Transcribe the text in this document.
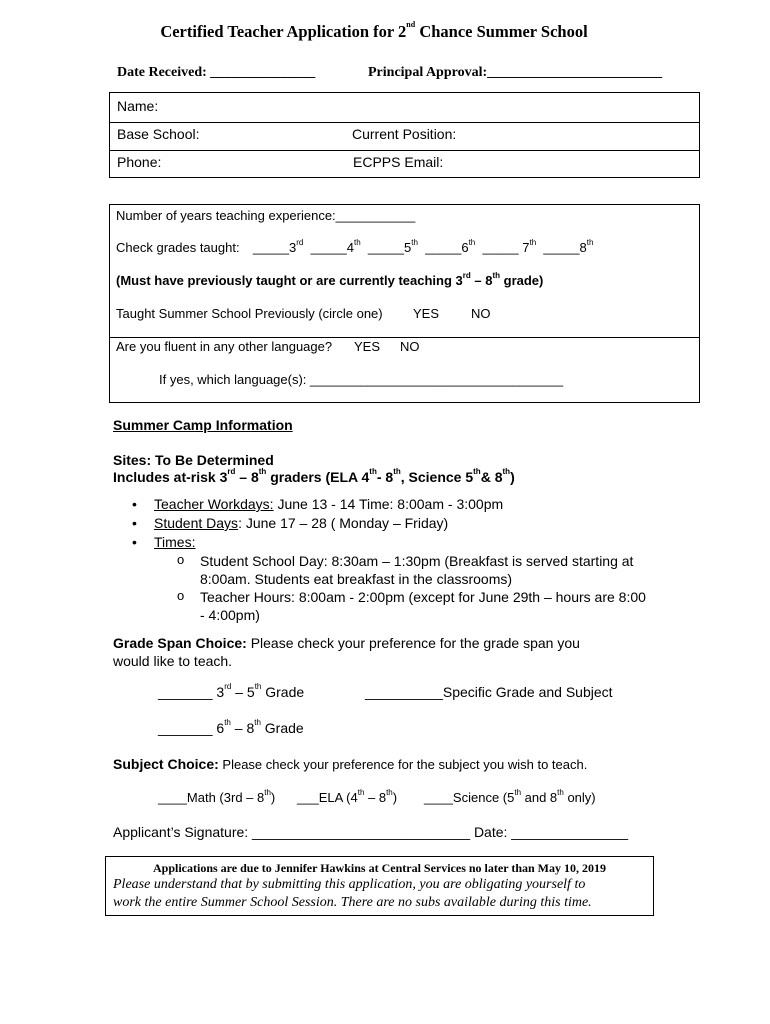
Certified Teacher Application for 2nd Chance Summer School
Date Received: _______________	Principal Approval:_________________________
Name:
Base School:	Current Position:
Phone:	ECPPS Email:
Number of years teaching experience:___________
Check grades taught: _____3rd _____4th _____5th _____6th _____ 7th _____8th
(Must have previously taught or are currently teaching 3rd – 8th grade)
Taught Summer School Previously (circle one) YES NO
Are you fluent in any other language? YES NO
If yes, which language(s): ___________________________________
Summer Camp Information
Sites: To Be Determined
Includes at-risk 3rd – 8th graders (ELA 4th- 8th, Science 5th& 8th)
• Teacher Workdays: June 13 - 14 Time: 8:00am - 3:00pm
• Student Days: June 17 – 28 ( Monday – Friday)
• Times:
o Student School Day: 8:30am – 1:30pm (Breakfast is served starting at
8:00am. Students eat breakfast in the classrooms)
o Teacher Hours: 8:00am - 2:00pm (except for June 29th – hours are 8:00
- 4:00pm)
Grade Span Choice: Please check your preference for the grade span you
would like to teach.
_______ 3rd – 5th Grade	__________Specific Grade and Subject
_______ 6th – 8th Grade
Subject Choice: Please check your preference for the subject you wish to teach.
____Math (3rd – 8th) ___ELA (4th – 8th) ____Science (5th and 8th only)
Applicant’s Signature: ____________________________ Date: _______________
Applications are due to Jennifer Hawkins at Central Services no later than May 10, 2019
Please understand that by submitting this application, you are obligating yourself to
work the entire Summer School Session. There are no subs available during this time.
